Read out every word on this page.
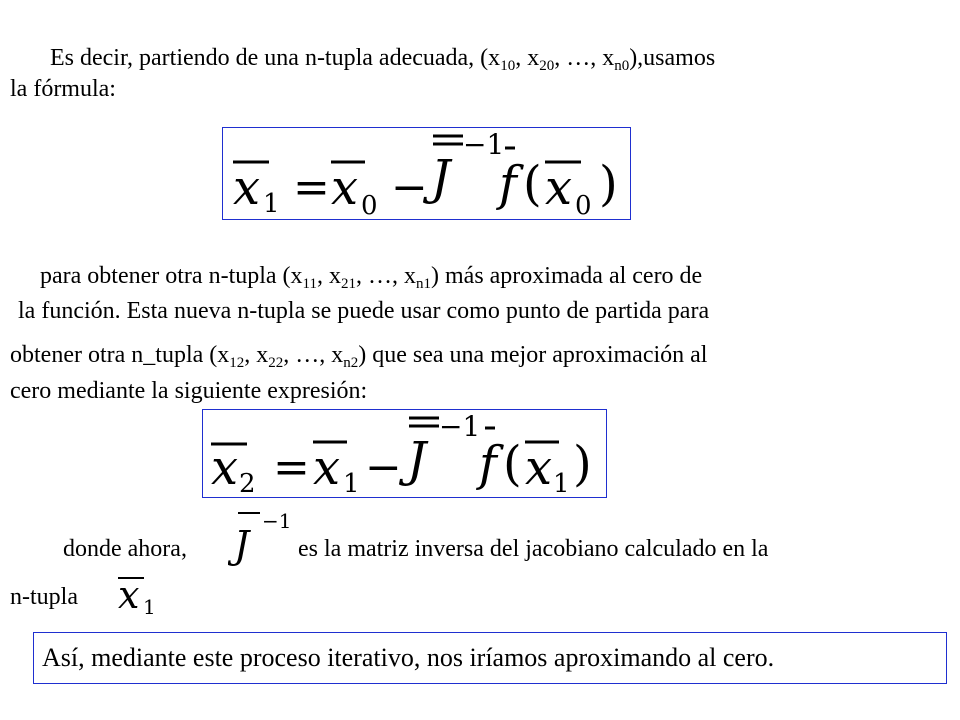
Es decir, partiendo de una n-tupla adecuada, ($x_{10}$, $x_{20}$, …, $x_{n0}),usamos$
la fórmula:
x 1 = x 0 − J
−1
f ( x 0 )
para obtener otra n-tupla ($x_{11}$, $x_{21}$, …, $x_{n1}$) más aproximada al cero de
la función. Esta nueva n-tupla se puede usar como punto de partida para
obtener otra n_tupla ($x_{12}$, $x_{22}$, …, $x_{n2}$) que sea una mejor aproximación al
cero mediante la siguiente expresión:
x 2 = x 1 − J
−1
f ( x 1 )
donde ahora, J
−1
es la matriz inversa del jacobiano calculado en la
n-tupla x 1
Así, mediante este proceso iterativo, nos iríamos aproximando al cero.
